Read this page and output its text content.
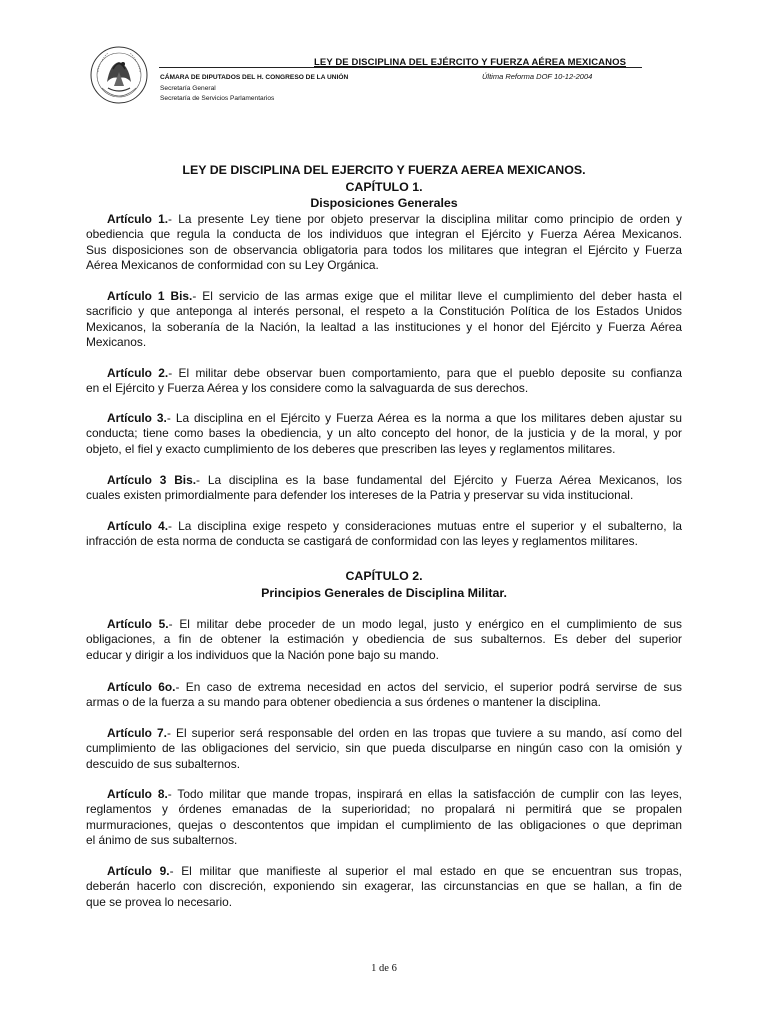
LEY DE DISCIPLINA DEL EJÉRCITO Y FUERZA AÉREA MEXICANOS
Última Reforma DOF 10-12-2004
CÁMARA DE DIPUTADOS DEL H. CONGRESO DE LA UNIÓN
Secretaría General
Secretaría de Servicios Parlamentarios
LEY DE DISCIPLINA DEL EJERCITO Y FUERZA AEREA MEXICANOS.
CAPÍTULO 1.
Disposiciones Generales
Artículo 1.- La presente Ley tiene por objeto preservar la disciplina militar como principio de orden y
obediencia que regula la conducta de los individuos que integran el Ejército y Fuerza Aérea Mexicanos.
Sus disposiciones son de observancia obligatoria para todos los militares que integran el Ejército y Fuerza
Aérea Mexicanos de conformidad con su Ley Orgánica.
Artículo 1 Bis.- El servicio de las armas exige que el militar lleve el cumplimiento del deber hasta el
sacrificio y que anteponga al interés personal, el respeto a la Constitución Política de los Estados Unidos
Mexicanos, la soberanía de la Nación, la lealtad a las instituciones y el honor del Ejército y Fuerza Aérea
Mexicanos.
Artículo 2.- El militar debe observar buen comportamiento, para que el pueblo deposite su confianza
en el Ejército y Fuerza Aérea y los considere como la salvaguarda de sus derechos.
Artículo 3.- La disciplina en el Ejército y Fuerza Aérea es la norma a que los militares deben ajustar su
conducta; tiene como bases la obediencia, y un alto concepto del honor, de la justicia y de la moral, y por
objeto, el fiel y exacto cumplimiento de los deberes que prescriben las leyes y reglamentos militares.
Artículo 3 Bis.- La disciplina es la base fundamental del Ejército y Fuerza Aérea Mexicanos, los
cuales existen primordialmente para defender los intereses de la Patria y preservar su vida institucional.
Artículo 4.- La disciplina exige respeto y consideraciones mutuas entre el superior y el subalterno, la
infracción de esta norma de conducta se castigará de conformidad con las leyes y reglamentos militares.
CAPÍTULO 2.
Principios Generales de Disciplina Militar.
Artículo 5.- El militar debe proceder de un modo legal, justo y enérgico en el cumplimiento de sus
obligaciones, a fin de obtener la estimación y obediencia de sus subalternos. Es deber del superior
educar y dirigir a los individuos que la Nación pone bajo su mando.
Artículo 6o.- En caso de extrema necesidad en actos del servicio, el superior podrá servirse de sus
armas o de la fuerza a su mando para obtener obediencia a sus órdenes o mantener la disciplina.
Artículo 7.- El superior será responsable del orden en las tropas que tuviere a su mando, así como del
cumplimiento de las obligaciones del servicio, sin que pueda disculparse en ningún caso con la omisión y
descuido de sus subalternos.
Artículo 8.- Todo militar que mande tropas, inspirará en ellas la satisfacción de cumplir con las leyes,
reglamentos y órdenes emanadas de la superioridad; no propalará ni permitirá que se propalen
murmuraciones, quejas o descontentos que impidan el cumplimiento de las obligaciones o que depriman
el ánimo de sus subalternos.
Artículo 9.- El militar que manifieste al superior el mal estado en que se encuentran sus tropas,
deberán hacerlo con discreción, exponiendo sin exagerar, las circunstancias en que se hallan, a fin de
que se provea lo necesario.
1 de 6
